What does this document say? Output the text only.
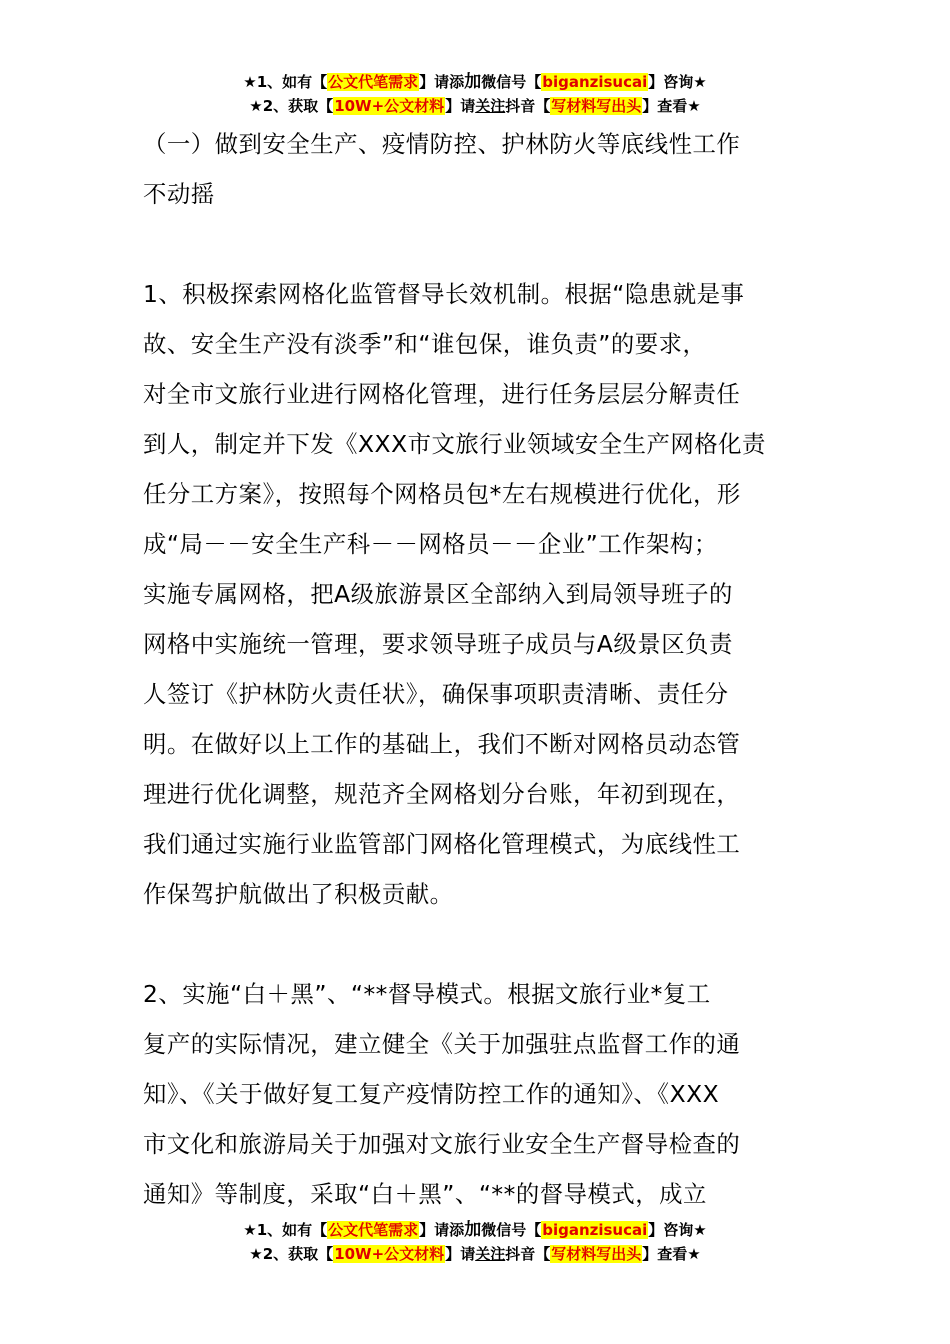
★1、如有【公文代笔需求】请添加微信号【biganzisucai】咨询★
★2、获取【10W+公文材料】请关注抖音【写材料写出头】查看★

（一）做到安全生产、疫情防控、护林防火等底线性工作

不动摇

1、积极探索网格化监管督导长效机制。根据“隐患就是事

故、安全生产没有淡季”和“谁包保，谁负责”的要求，

对全市文旅行业进行网格化管理，进行任务层层分解责任

到人，制定并下发《XXX市文旅行业领域安全生产网格化责

任分工方案》，按照每个网格员包*左右规模进行优化，形

成“局－－安全生产科－－网格员－－企业”工作架构；

实施专属网格，把A级旅游景区全部纳入到局领导班子的

网格中实施统一管理，要求领导班子成员与A级景区负责

人签订《护林防火责任状》，确保事项职责清晰、责任分

明。在做好以上工作的基础上，我们不断对网格员动态管

理进行优化调整，规范齐全网格划分台账，年初到现在，

我们通过实施行业监管部门网格化管理模式，为底线性工

作保驾护航做出了积极贡献。

2、实施“白＋黑”、“**督导模式。根据文旅行业*复工

复产的实际情况，建立健全《关于加强驻点监督工作的通

知》、《关于做好复工复产疫情防控工作的通知》、《XXX

市文化和旅游局关于加强对文旅行业安全生产督导检查的

通知》等制度，采取“白＋黑”、“**的督导模式，成立

★1、如有【公文代笔需求】请添加微信号【biganzisucai】咨询★
★2、获取【10W+公文材料】请关注抖音【写材料写出头】查看★
